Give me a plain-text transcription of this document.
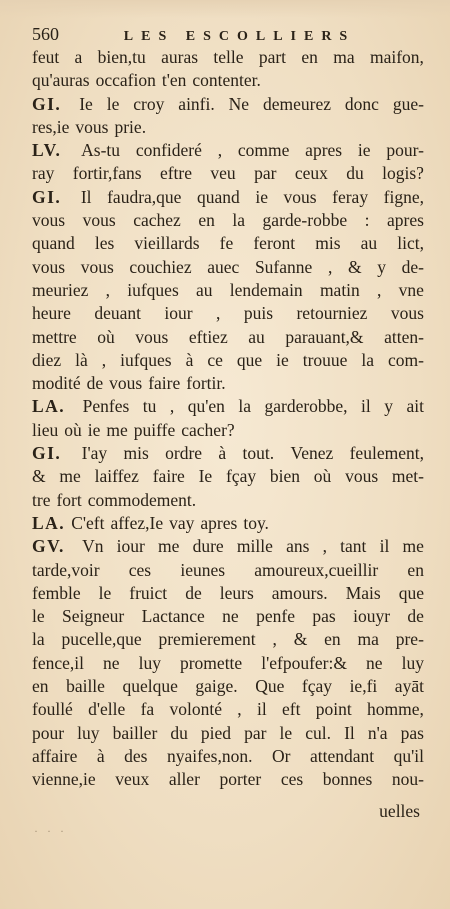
560	LES ESCOLLIERS
feut a bien,tu auras telle part en ma maifon,
qu'auras occafion t'en contenter.
GI. Ie le croy ainfi. Ne demeurez donc gue-
res,ie vous prie.
LV. As-tu confideré , comme apres ie pour-
ray fortir,fans eftre veu par ceux du logis?
GI. Il faudra,que quand ie vous feray figne,
vous vous cachez en la garde-robbe : apres
quand les vieillards fe feront mis au lict,
vous vous couchiez auec Sufanne , & y de-
meuriez , iufques au lendemain matin , vne
heure deuant iour , puis retourniez vous
mettre où vous eftiez au parauant,& atten-
diez là , iufques à ce que ie trouue la com-
modité de vous faire fortir.
LA. Penfes tu , qu'en la garderobbe, il y ait
lieu où ie me puiffe cacher?
GI. I'ay mis ordre à tout. Venez feulement,
& me laiffez faire Ie fçay bien où vous met-
tre fort commodement.
LA. C'eft affez,Ie vay apres toy.
GV. Vn iour me dure mille ans , tant il me
tarde,voir ces ieunes amoureux,cueillir en
femble le fruict de leurs amours. Mais que
le Seigneur Lactance ne penfe pas iouyr de
la pucelle,que premierement , & en ma pre-
fence,il ne luy promette l'efpoufer:& ne luy
en baille quelque gaige. Que fçay ie,fi ayāt
foullé d'elle fa volonté , il eft point homme,
pour luy bailler du pied par le cul. Il n'a pas
affaire à des nyaifes,non. Or attendant qu'il
vienne,ie veux aller porter ces bonnes nou-
uelles
· · ·
